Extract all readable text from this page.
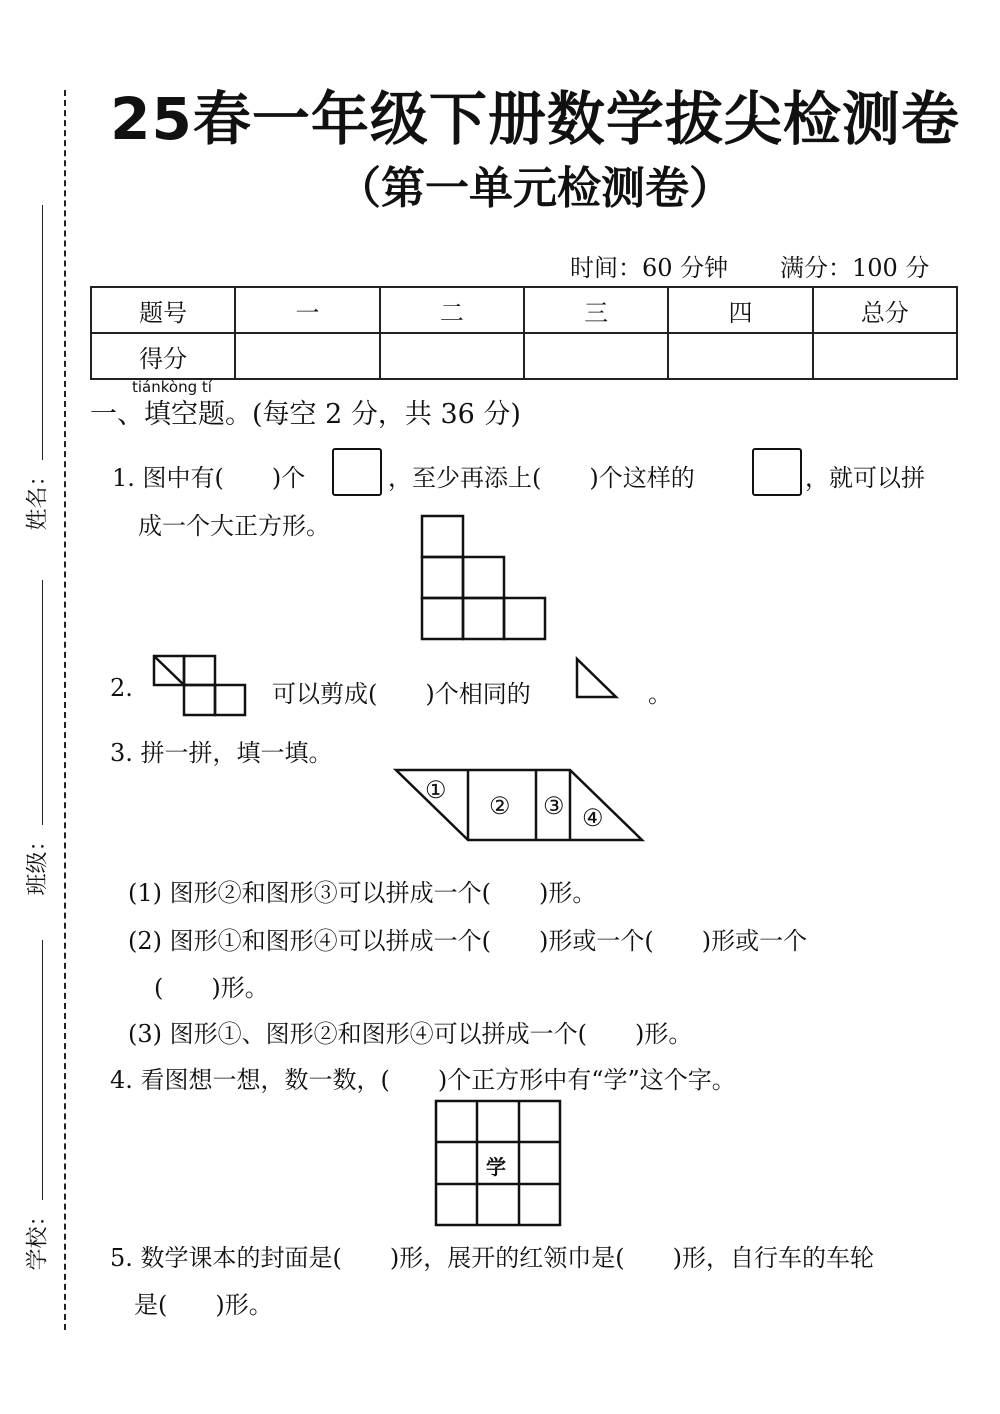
姓名：
班级：
学校：
25春一年级下册数学拔尖检测卷
（第一单元检测卷）
时间：60 分钟 满分：100 分
题号	一	二	三	四	总分
得分					
tiánkòng tí
一、填空题。(每空 2 分，共 36 分)
1. 图中有(　　)个	，至少再添上(　　)个这样的	，就可以拼
成一个大正方形。
2.	可以剪成(　　)个相同的	。
3. 拼一拼，填一填。
①
② ③ ④
(1) 图形②和图形③可以拼成一个(　　)形。
(2) 图形①和图形④可以拼成一个(　　)形或一个(　　)形或一个
(　　)形。
(3) 图形①、图形②和图形④可以拼成一个(　　)形。
4. 看图想一想，数一数，(　　)个正方形中有“学”这个字。
学
5. 数学课本的封面是(　　)形，展开的红领巾是(　　)形，自行车的车轮
是(　　)形。
